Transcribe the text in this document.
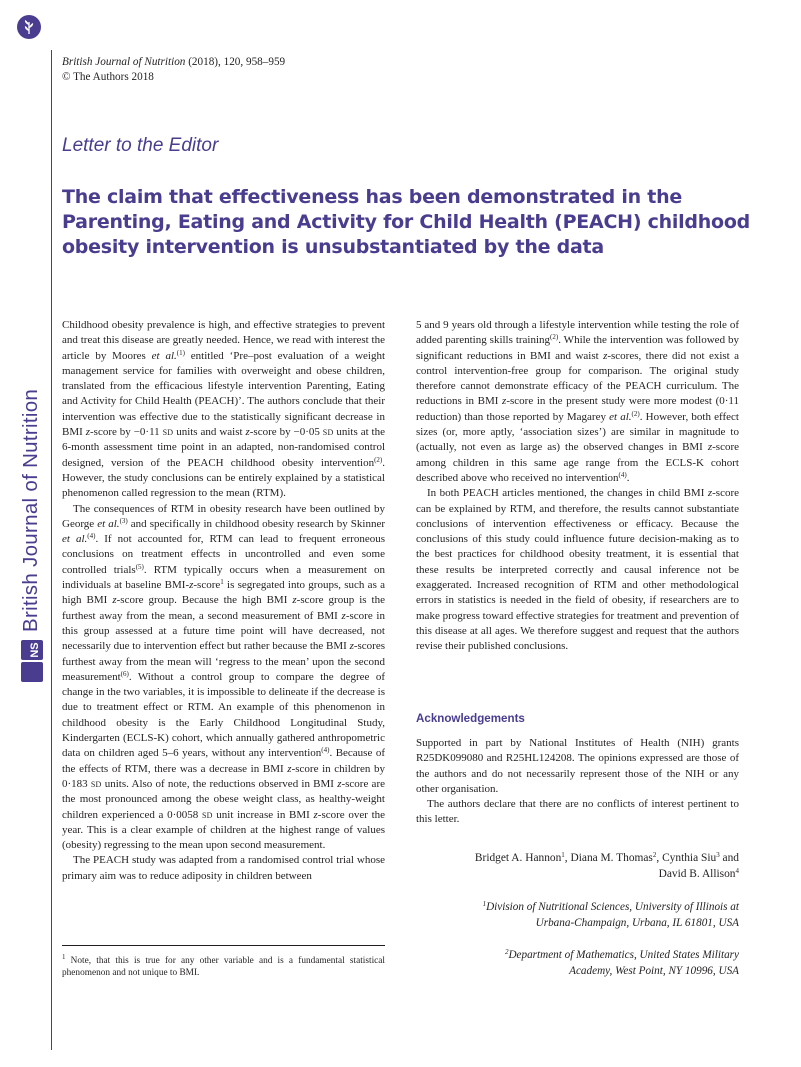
British Journal of Nutrition
NS
British Journal of Nutrition (2018), 120, 958–959
© The Authors 2018
Letter to the Editor
The claim that effectiveness has been demonstrated in the Parenting, Eating and Activity for Child Health (PEACH) childhood obesity intervention is unsubstantiated by the data

Childhood obesity prevalence is high, and effective strategies to prevent and treat this disease are greatly needed. Hence, we read with interest the article by Moores et al.$^{(1)}$ entitled ‘Pre–post evaluation of a weight management service for families with overweight and obese children, translated from the efficacious lifestyle intervention Parenting, Eating and Activity for Child Health (PEACH)’. The authors conclude that their intervention was effective due to the statistically significant decrease in BMI z-score by −0·11 SD units and waist z-score by −0·05 SD units at the 6-month assessment time point in an adapted, non-randomised control designed, version of the PEACH childhood obesity intervention$^{(2)}$. However, the study conclusions can be entirely explained by a statistical phenomenon called regression to the mean (RTM).

The consequences of RTM in obesity research have been outlined by George et al.$^{(3)}$ and specifically in childhood obesity research by Skinner et al.$^{(4)}$. If not accounted for, RTM can lead to frequent erroneous conclusions on treatment effects in uncontrolled and even some controlled trials$^{(5)}$. RTM typically occurs when a measurement on individuals at baseline BMI-z-score$^1$ is segregated into groups, such as a high BMI z-score group. Because the high BMI z-score group is the furthest away from the mean, a second measurement of BMI z-score in this group assessed at a future time point will have decreased, not necessarily due to intervention effect but rather because the BMI z-scores furthest away from the mean will ‘regress to the mean’ upon the second measurement$^{(6)}$. Without a control group to compare the degree of change in the two variables, it is impossible to delineate if the decrease is due to treatment effect or RTM. An example of this phenomenon in childhood obesity is the Early Childhood Longitudinal Study, Kindergarten (ECLS-K) cohort, which annually gathered anthropometric data on children aged 5–6 years, without any intervention$^{(4)}$. Because of the effects of RTM, there was a decrease in BMI z-score in children by 0·183 SD units. Also of note, the reductions observed in BMI z-score are the most pronounced among the obese weight class, as healthy-weight children experienced a 0·0058 SD unit increase in BMI z-score over the year. This is a clear example of children at the highest range of values (obesity) regressing to the mean upon second measurement.

The PEACH study was adapted from a randomised control trial whose primary aim was to reduce adiposity in children between

$^1$ Note, that this is true for any other variable and is a fundamental statistical phenomenon and not unique to BMI.

5 and 9 years old through a lifestyle intervention while testing the role of added parenting skills training$^{(2)}$. While the intervention was followed by significant reductions in BMI and waist z-scores, there did not exist a control intervention-free group for comparison. The original study therefore cannot demonstrate efficacy of the PEACH curriculum. The reductions in BMI z-score in the present study were more modest (0·11 reduction) than those reported by Magarey et al.$^{(2)}$. However, both effect sizes (or, more aptly, ‘association sizes’) are similar in magnitude to (actually, not even as large as) the observed changes in BMI z-score among children in this same age range from the ECLS-K cohort described above who received no intervention$^{(4)}$.

In both PEACH articles mentioned, the changes in child BMI z-score can be explained by RTM, and therefore, the results cannot substantiate conclusions of intervention effectiveness or efficacy. Because the conclusions of this study could influence future decision-making as to the best practices for childhood obesity treatment, it is essential that these results be interpreted correctly and causal inference not be exaggerated. Increased recognition of RTM and other methodological errors in statistics is needed in the field of obesity, if researchers are to make progress toward effective strategies for treatment and prevention of this disease at all ages. We therefore suggest and request that the authors revise their published conclusions.

Acknowledgements

Supported in part by National Institutes of Health (NIH) grants R25DK099080 and R25HL124208. The opinions expressed are those of the authors and do not necessarily represent those of the NIH or any other organisation.

The authors declare that there are no conflicts of interest pertinent to this letter.

Bridget A. Hannon$^1$, Diana M. Thomas$^2$, Cynthia Siu$^3$ and
David B. Allison$^4$
$^1$Division of Nutritional Sciences, University of Illinois at
Urbana-Champaign, Urbana, IL 61801, USA
$^2$Department of Mathematics, United States Military
Academy, West Point, NY 10996, USA
